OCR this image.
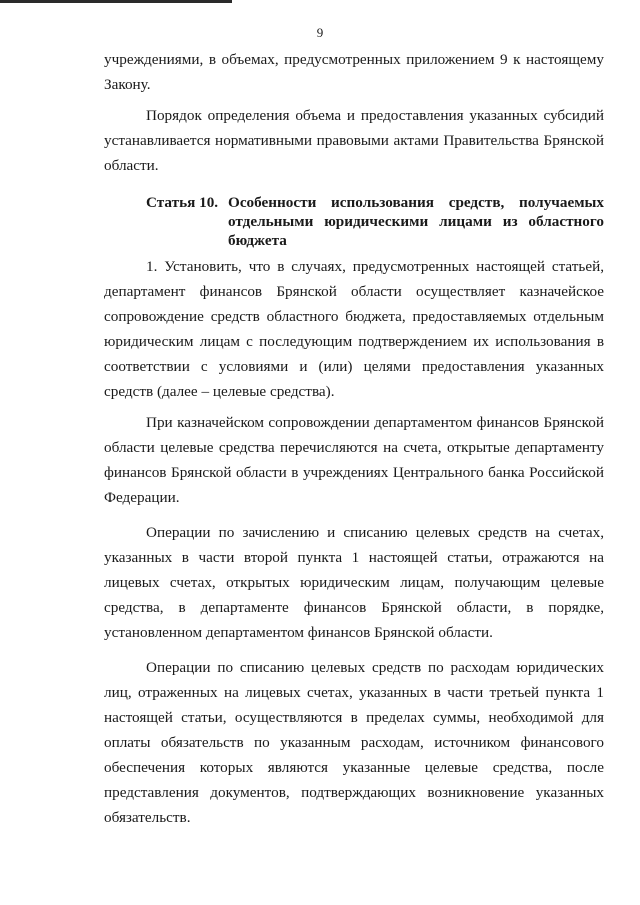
9

учреждениями, в объемах, предусмотренных приложением 9 к настоящему Закону.

Порядок определения объема и предоставления указанных субсидий устанавливается нормативными правовыми актами Правительства Брянской области.

Статья 10. Особенности использования средств, получаемых отдельными юридическими лицами из областного бюджета

1. Установить, что в случаях, предусмотренных настоящей статьей, департамент финансов Брянской области осуществляет казначейское сопровождение средств областного бюджета, предоставляемых отдельным юридическим лицам с последующим подтверждением их использования в соответствии с условиями и (или) целями предоставления указанных средств (далее – целевые средства).

При казначейском сопровождении департаментом финансов Брянской области целевые средства перечисляются на счета, открытые департаменту финансов Брянской области в учреждениях Центрального банка Российской Федерации.

Операции по зачислению и списанию целевых средств на счетах, указанных в части второй пункта 1 настоящей статьи, отражаются на лицевых счетах, открытых юридическим лицам, получающим целевые средства, в департаменте финансов Брянской области, в порядке, установленном департаментом финансов Брянской области.

Операции по списанию целевых средств по расходам юридических лиц, отраженных на лицевых счетах, указанных в части третьей пункта 1 настоящей статьи, осуществляются в пределах суммы, необходимой для оплаты обязательств по указанным расходам, источником финансового обеспечения которых являются указанные целевые средства, после представления документов, подтверждающих возникновение указанных обязательств.
